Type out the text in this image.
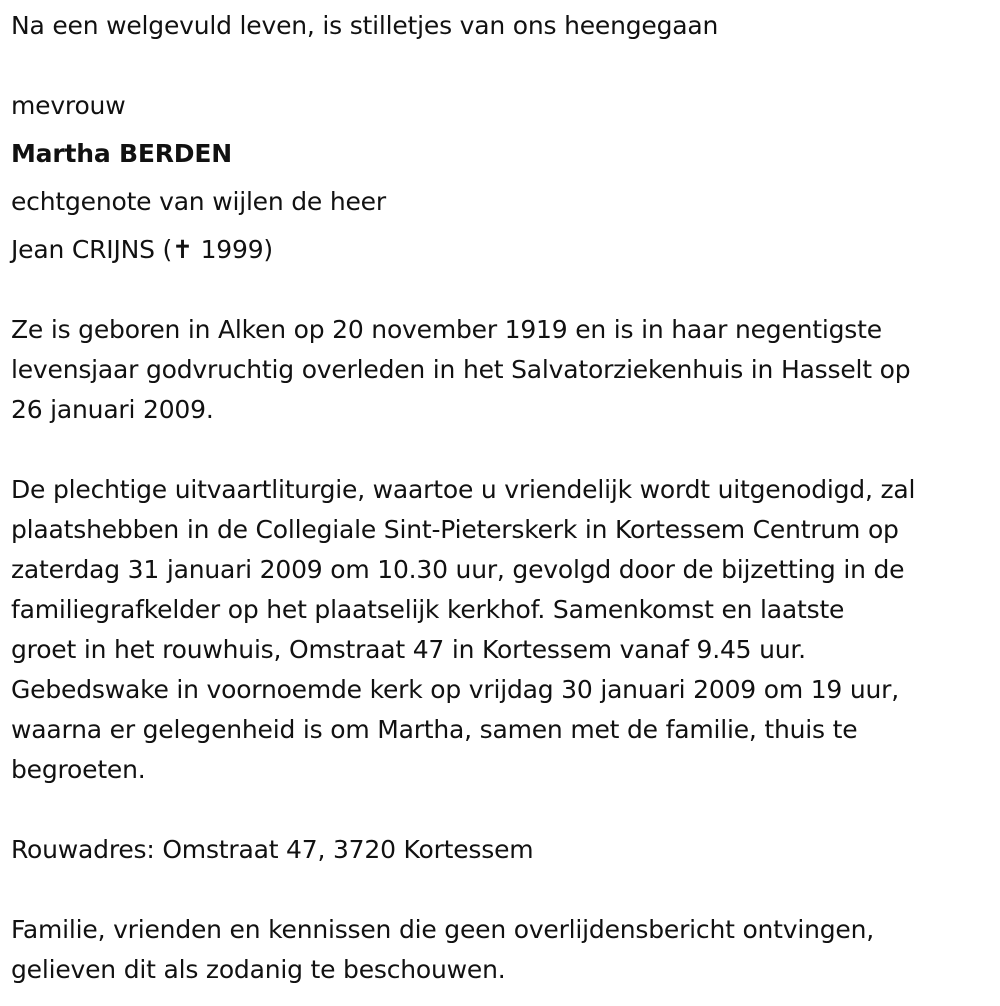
Na een welgevuld leven, is stilletjes van ons heengegaan
mevrouw
Martha BERDEN
echtgenote van wijlen de heer
Jean CRIJNS (✝ 1999)
Ze is geboren in Alken op 20 november 1919 en is in haar negentigste
levensjaar godvruchtig overleden in het Salvatorziekenhuis in Hasselt op
26 januari 2009.
De plechtige uitvaartliturgie, waartoe u vriendelijk wordt uitgenodigd, zal
plaatshebben in de Collegiale Sint-Pieterskerk in Kortessem Centrum op
zaterdag 31 januari 2009 om 10.30 uur, gevolgd door de bijzetting in de
familiegrafkelder op het plaatselijk kerkhof. Samenkomst en laatste
groet in het rouwhuis, Omstraat 47 in Kortessem vanaf 9.45 uur.
Gebedswake in voornoemde kerk op vrijdag 30 januari 2009 om 19 uur,
waarna er gelegenheid is om Martha, samen met de familie, thuis te
begroeten.
Rouwadres: Omstraat 47, 3720 Kortessem
Familie, vrienden en kennissen die geen overlijdensbericht ontvingen,
gelieven dit als zodanig te beschouwen.
